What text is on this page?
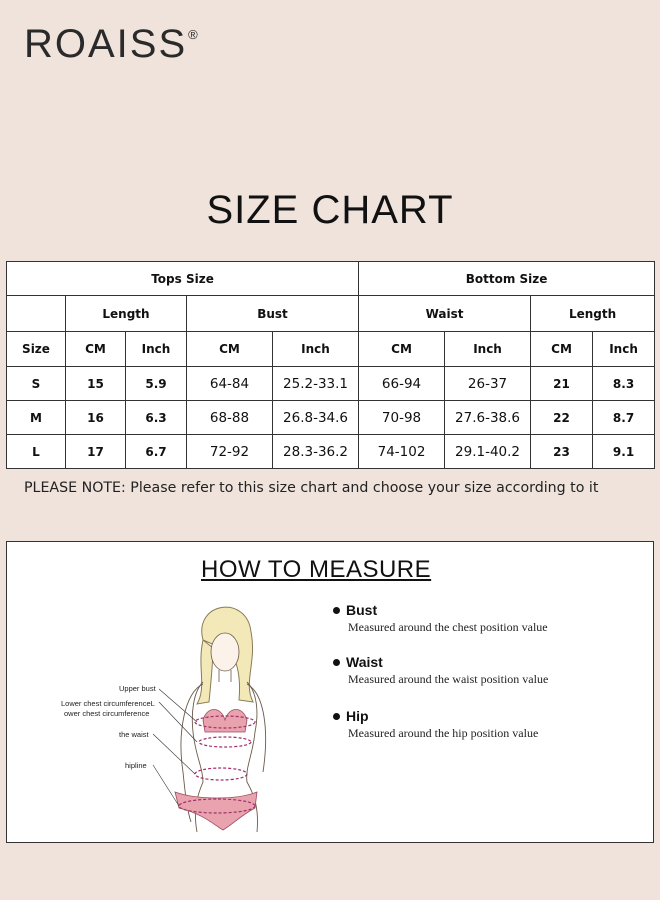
ROAISS®
SIZE CHART
Tops Size					Bottom Size			
	Length		Bust		Waist		Length	
Size	CM	Inch	CM	Inch	CM	Inch	CM	Inch
S	15	5.9	64-84	25.2-33.1	66-94	26-37	21	8.3
M	16	6.3	68-88	26.8-34.6	70-98	27.6-38.6	22	8.7
L	17	6.7	72-92	28.3-36.2	74-102	29.1-40.2	23	9.1
PLEASE NOTE: Please refer to this size chart and choose your size according to it
HOW TO MEASURE
Upper bust
Lower chest circumferenceL
ower chest circumference
the waist
hipline
Bust
Measured around the chest position value
Waist
Measured around the waist position value
Hip
Measured around the hip position value
